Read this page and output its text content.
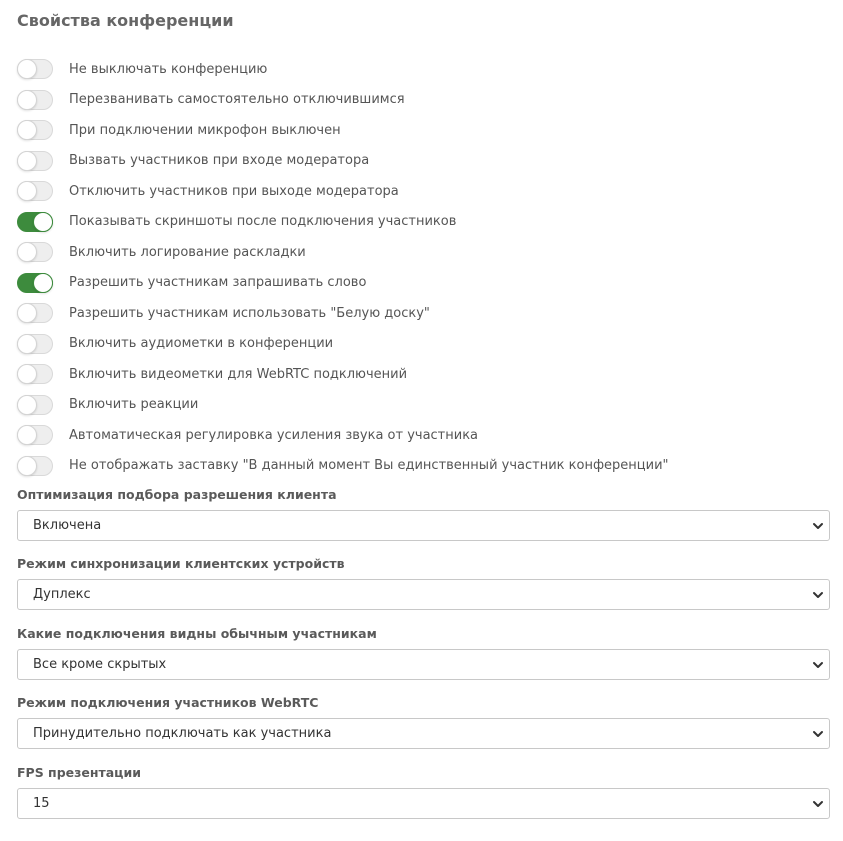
Свойства конференции
Не выключать конференцию
Перезванивать самостоятельно отключившимся
При подключении микрофон выключен
Вызвать участников при входе модератора
Отключить участников при выходе модератора
Показывать скриншоты после подключения участников
Включить логирование раскладки
Разрешить участникам запрашивать слово
Разрешить участникам использовать "Белую доску"
Включить аудиометки в конференции
Включить видеометки для WebRTC подключений
Включить реакции
Автоматическая регулировка усиления звука от участника
Не отображать заставку "В данный момент Вы единственный участник конференции"
Оптимизация подбора разрешения клиента
Включена
Режим синхронизации клиентских устройств
Дуплекс
Какие подключения видны обычным участникам
Все кроме скрытых
Режим подключения участников WebRTC
Принудительно подключать как участника
FPS презентации
15
